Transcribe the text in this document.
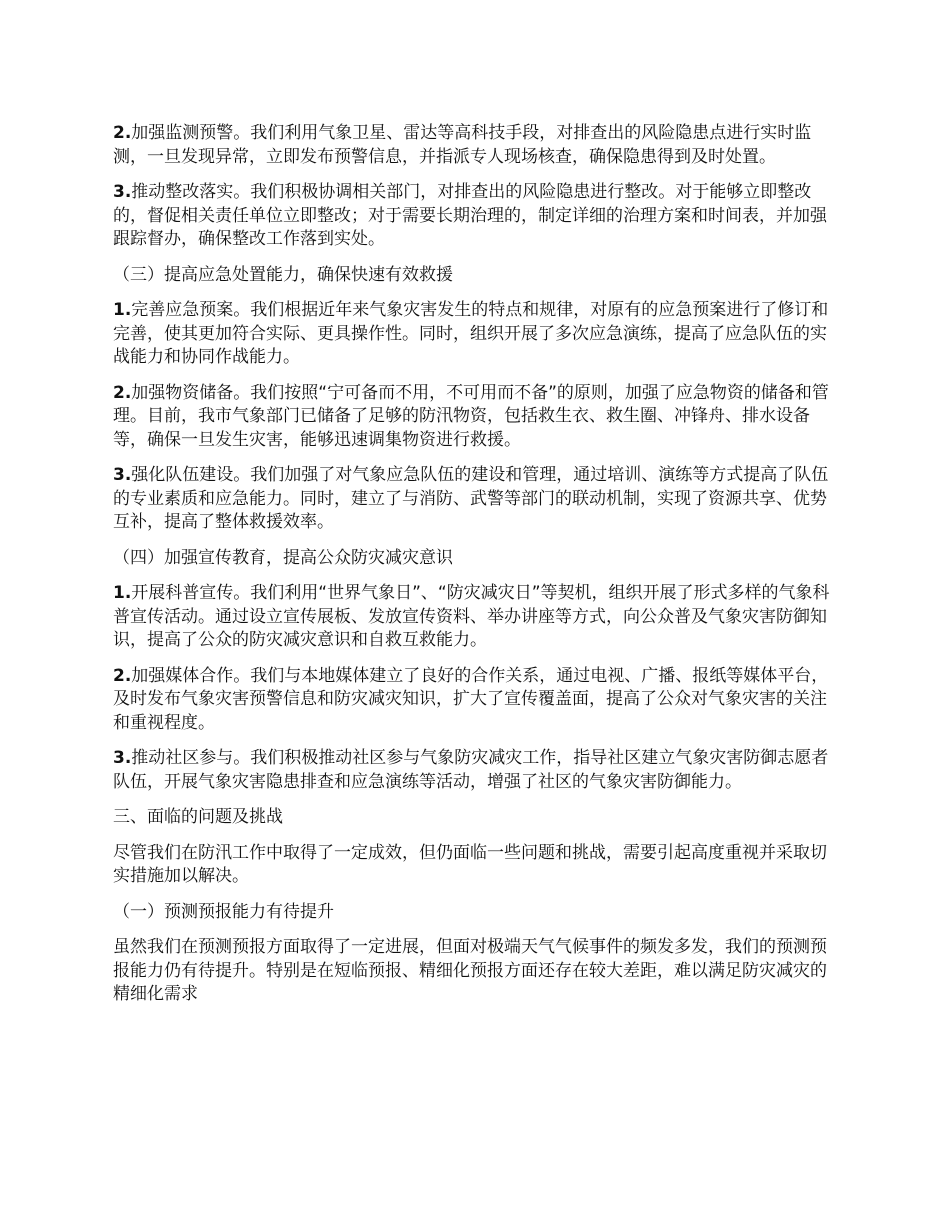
2.加强监测预警。我们利用气象卫星、雷达等高科技手段，对排查出的风险隐患点进行实时监测，一旦发现异常，立即发布预警信息，并指派专人现场核查，确保隐患得到及时处置。

3.推动整改落实。我们积极协调相关部门，对排查出的风险隐患进行整改。对于能够立即整改的，督促相关责任单位立即整改；对于需要长期治理的，制定详细的治理方案和时间表，并加强跟踪督办，确保整改工作落到实处。

（三）提高应急处置能力，确保快速有效救援

1.完善应急预案。我们根据近年来气象灾害发生的特点和规律，对原有的应急预案进行了修订和完善，使其更加符合实际、更具操作性。同时，组织开展了多次应急演练，提高了应急队伍的实战能力和协同作战能力。

2.加强物资储备。我们按照“宁可备而不用，不可用而不备”的原则，加强了应急物资的储备和管理。目前，我市气象部门已储备了足够的防汛物资，包括救生衣、救生圈、冲锋舟、排水设备等，确保一旦发生灾害，能够迅速调集物资进行救援。

3.强化队伍建设。我们加强了对气象应急队伍的建设和管理，通过培训、演练等方式提高了队伍的专业素质和应急能力。同时，建立了与消防、武警等部门的联动机制，实现了资源共享、优势互补，提高了整体救援效率。

（四）加强宣传教育，提高公众防灾减灾意识

1.开展科普宣传。我们利用“世界气象日”、“防灾减灾日”等契机，组织开展了形式多样的气象科普宣传活动。通过设立宣传展板、发放宣传资料、举办讲座等方式，向公众普及气象灾害防御知识，提高了公众的防灾减灾意识和自救互救能力。

2.加强媒体合作。我们与本地媒体建立了良好的合作关系，通过电视、广播、报纸等媒体平台，及时发布气象灾害预警信息和防灾减灾知识，扩大了宣传覆盖面，提高了公众对气象灾害的关注和重视程度。

3.推动社区参与。我们积极推动社区参与气象防灾减灾工作，指导社区建立气象灾害防御志愿者队伍，开展气象灾害隐患排查和应急演练等活动，增强了社区的气象灾害防御能力。

三、面临的问题及挑战

尽管我们在防汛工作中取得了一定成效，但仍面临一些问题和挑战，需要引起高度重视并采取切实措施加以解决。

（一）预测预报能力有待提升

虽然我们在预测预报方面取得了一定进展，但面对极端天气气候事件的频发多发，我们的预测预报能力仍有待提升。特别是在短临预报、精细化预报方面还存在较大差距，难以满足防灾减灾的精细化需求
